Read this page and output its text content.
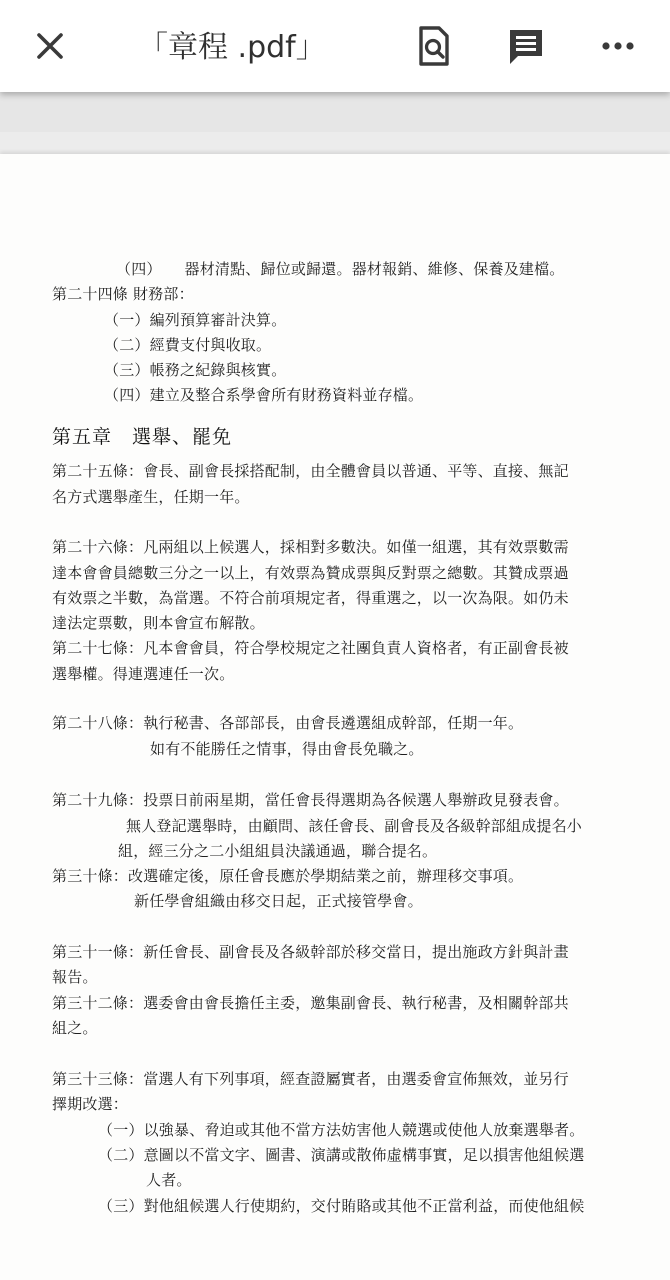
「章程 .pdf」
（四）　　器材清點、歸位或歸還。器材報銷、維修、保養及建檔。
第二十四條 財務部：
（一）編列預算審計決算。
（二）經費支付與收取。
（三）帳務之紀錄與核實。
（四）建立及整合系學會所有財務資料並存檔。
第五章　選舉、罷免
第二十五條：會長、副會長採搭配制，由全體會員以普通、平等、直接、無記
名方式選舉產生，任期一年。
第二十六條：凡兩組以上候選人，採相對多數決。如僅一組選，其有效票數需
達本會會員總數三分之一以上，有效票為贊成票與反對票之總數。其贊成票過
有效票之半數，為當選。不符合前項規定者，得重選之，以一次為限。如仍未
達法定票數，則本會宣布解散。
第二十七條：凡本會會員，符合學校規定之社團負責人資格者，有正副會長被
選舉權。得連選連任一次。
第二十八條：執行秘書、各部部長，由會長遴選組成幹部，任期一年。
如有不能勝任之情事，得由會長免職之。
第二十九條：投票日前兩星期，當任會長得選期為各候選人舉辦政見發表會。
無人登記選舉時，由顧問、該任會長、副會長及各級幹部組成提名小
組，經三分之二小組組員決議通過，聯合提名。
第三十條：改選確定後，原任會長應於學期結業之前，辦理移交事項。
新任學會組織由移交日起，正式接管學會。
第三十一條：新任會長、副會長及各級幹部於移交當日，提出施政方針與計畫
報告。
第三十二條：選委會由會長擔任主委，邀集副會長、執行秘書，及相關幹部共
組之。
第三十三條：當選人有下列事項，經查證屬實者，由選委會宣佈無效，並另行
擇期改選：
（一）以強暴、脅迫或其他不當方法妨害他人競選或使他人放棄選舉者。
（二）意圖以不當文字、圖書、演講或散佈虛構事實，足以損害他組候選
人者。
（三）對他組候選人行使期約，交付賄賂或其他不正當利益，而使他組候
